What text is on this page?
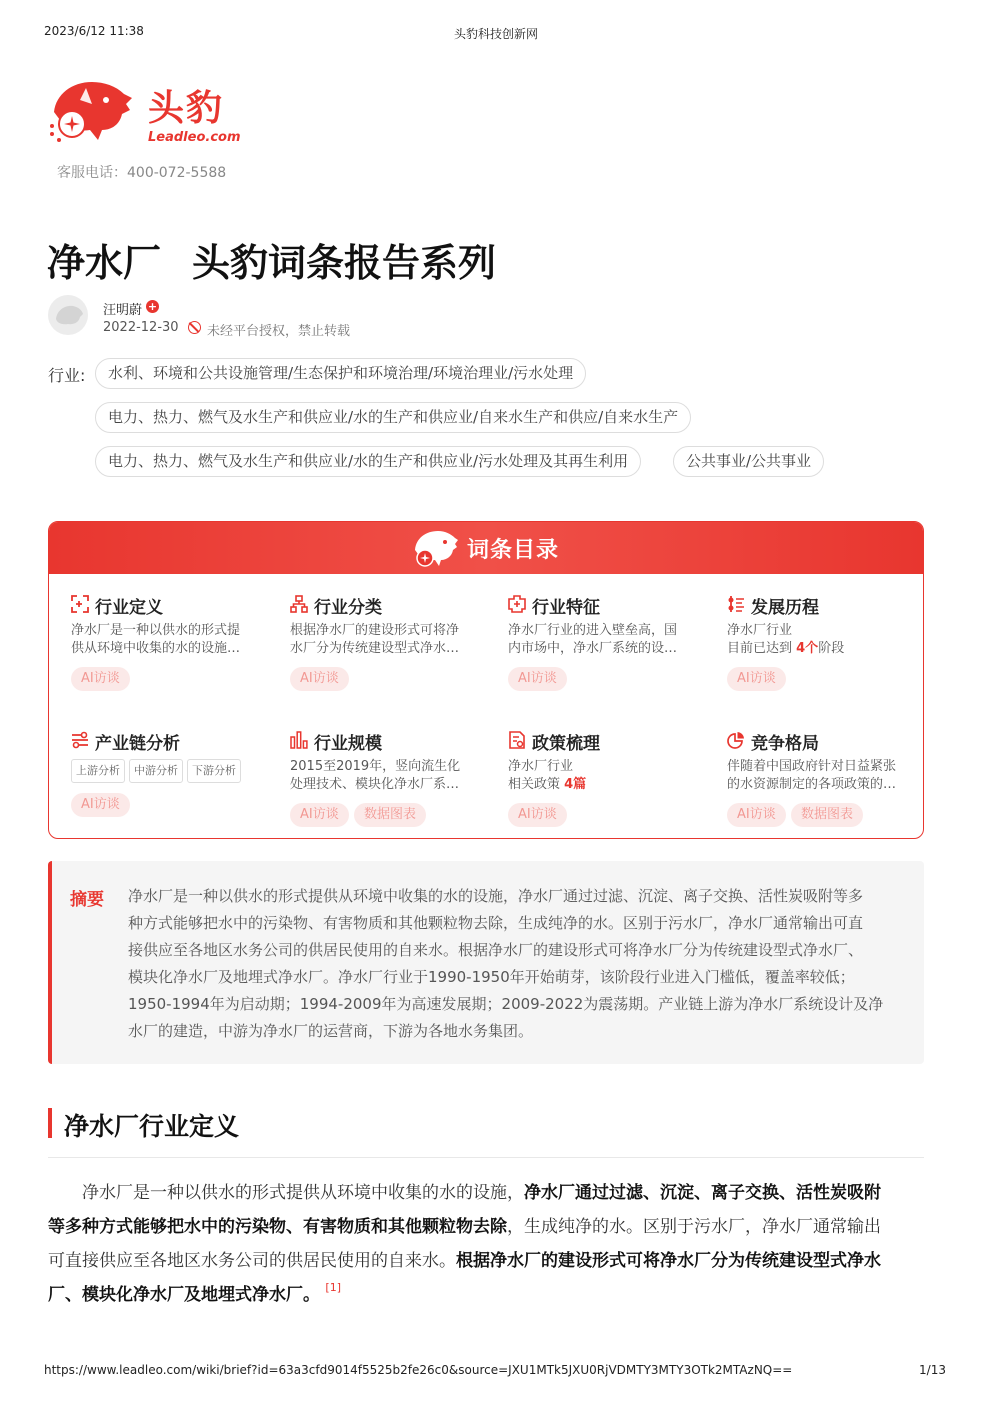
2023/6/12 11:38	头豹科技创新网
头豹
Leadleo.com
客服电话：400-072-5588
净水厂 头豹词条报告系列
汪明蔚 +
2022-12-30 未经平台授权，禁止转载
行业:	水利、环境和公共设施管理/生态保护和环境治理/环境治理业/污水处理
电力、热力、燃气及水生产和供应业/水的生产和供应业/自来水生产和供应/自来水生产
电力、热力、燃气及水生产和供应业/水的生产和供应业/污水处理及其再生利用	公共事业/公共事业
词条目录
行业定义
净水厂是一种以供水的形式提
供从环境中收集的水的设施…
AI访谈
行业分类
根据净水厂的建设形式可将净
水厂分为传统建设型式净水…
AI访谈
行业特征
净水厂行业的进入壁垒高，国
内市场中，净水厂系统的设…
AI访谈
发展历程
净水厂行业
目前已达到 4个阶段
AI访谈
产业链分析
上游分析	中游分析	下游分析
AI访谈
行业规模
2015至2019年，竖向流生化
处理技术、模块化净水厂系…
AI访谈	数据图表
政策梳理
净水厂行业
相关政策 4篇
AI访谈
竞争格局
伴随着中国政府针对日益紧张
的水资源制定的各项政策的…
AI访谈	数据图表
摘要 净水厂是一种以供水的形式提供从环境中收集的水的设施，净水厂通过过滤、沉淀、离子交换、活性炭吸附等多
种方式能够把水中的污染物、有害物质和其他颗粒物去除，生成纯净的水。区别于污水厂，净水厂通常输出可直
接供应至各地区水务公司的供居民使用的自来水。根据净水厂的建设形式可将净水厂分为传统建设型式净水厂、
模块化净水厂及地埋式净水厂。净水厂行业于1990-1950年开始萌芽，该阶段行业进入门槛低，覆盖率较低；
1950-1994年为启动期；1994-2009年为高速发展期；2009-2022为震荡期。产业链上游为净水厂系统设计及净
水厂的建造，中游为净水厂的运营商，下游为各地水务集团。
净水厂行业定义

  净水厂是一种以供水的形式提供从环境中收集的水的设施，净水厂通过过滤、沉淀、离子交换、活性炭吸附

等多种方式能够把水中的污染物、有害物质和其他颗粒物去除，生成纯净的水。区别于污水厂，净水厂通常输出

可直接供应至各地区水务公司的供居民使用的自来水。根据净水厂的建设形式可将净水厂分为传统建设型式净水

厂、模块化净水厂及地埋式净水厂。 [1]

https://www.leadleo.com/wiki/brief?id=63a3cfd9014f5525b2fe26c0&source=JXU1MTk5JXU0RjVDMTY3MTY3OTk2MTAzNQ==	1/13
